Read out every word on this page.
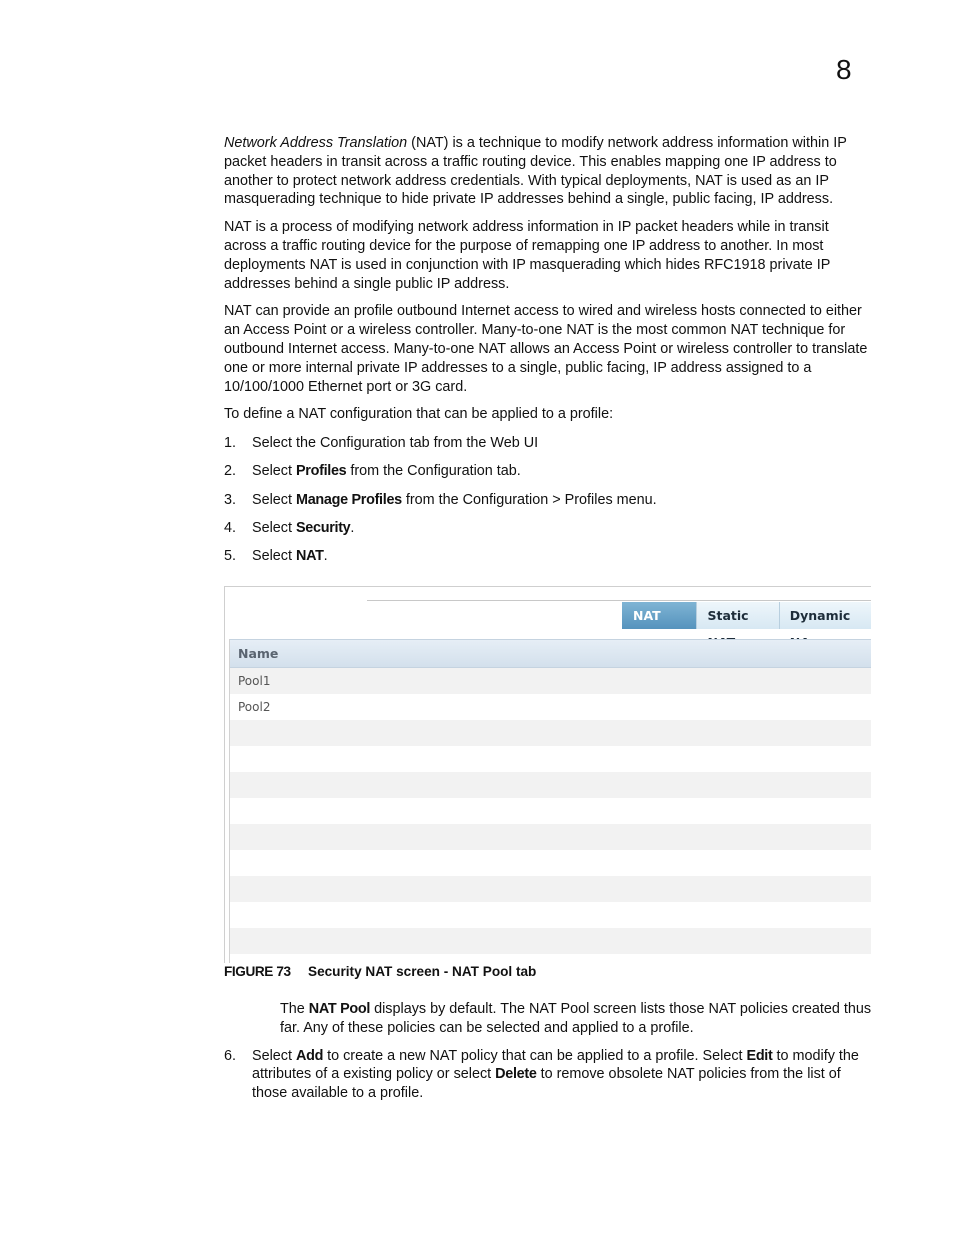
8

Network Address Translation (NAT) is a technique to modify network address information within IP packet headers in transit across a traffic routing device. This enables mapping one IP address to another to protect network address credentials. With typical deployments, NAT is used as an IP masquerading technique to hide private IP addresses behind a single, public facing, IP address.

NAT is a process of modifying network address information in IP packet headers while in transit across a traffic routing device for the purpose of remapping one IP address to another. In most deployments NAT is used in conjunction with IP masquerading which hides RFC1918 private IP addresses behind a single public IP address.

NAT can provide an profile outbound Internet access to wired and wireless hosts connected to either an Access Point or a wireless controller. Many-to-one NAT is the most common NAT technique for outbound Internet access. Many-to-one NAT allows an Access Point or wireless controller to translate one or more internal private IP addresses to a single, public facing, IP address assigned to a 10/100/1000 Ethernet port or 3G card.

To define a NAT configuration that can be applied to a profile:

1. Select the Configuration tab from the Web UI
2. Select Profiles from the Configuration tab.
3. Select Manage Profiles from the Configuration > Profiles menu.
4. Select Security.
5. Select NAT.
NAT	Static	Dynamic
Name
Pool1
Pool2
FIGURE 73 Security NAT screen - NAT Pool tab

The NAT Pool displays by default. The NAT Pool screen lists those NAT policies created thus far. Any of these policies can be selected and applied to a profile.

6. Select Add to create a new NAT policy that can be applied to a profile. Select Edit to modify the attributes of a existing policy or select Delete to remove obsolete NAT policies from the list of those available to a profile.
